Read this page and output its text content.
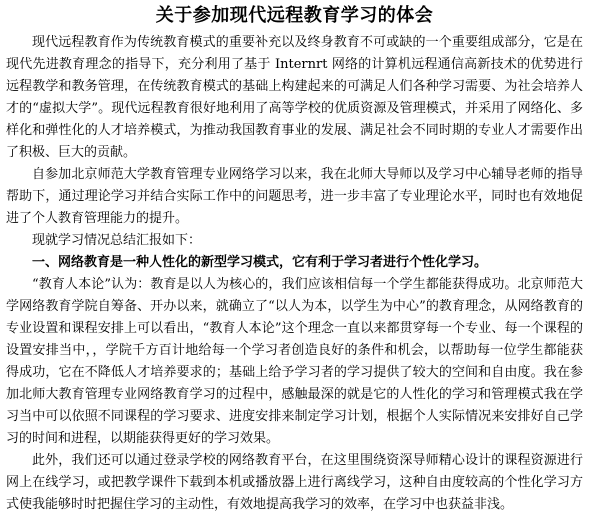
关于参加现代远程教育学习的体会

现代远程教育作为传统教育模式的重要补充以及终身教育不可或缺的一个重要组成部分，它是在现代先进教育理念的指导下，充分利用了基于 Internrt 网络的计算机远程通信高新技术的优势进行远程教学和教务管理，在传统教育模式的基础上构建起来的可满足人们各种学习需要、为社会培养人才的“虚拟大学”。现代远程教育很好地利用了高等学校的优质资源及管理模式，并采用了网络化、多样化和弹性化的人才培养模式，为推动我国教育事业的发展、满足社会不同时期的专业人才需要作出了积极、巨大的贡献。

自参加北京师范大学教育管理专业网络学习以来，我在北师大导师以及学习中心辅导老师的指导帮助下，通过理论学习并结合实际工作中的问题思考，进一步丰富了专业理论水平，同时也有效地促进了个人教育管理能力的提升。

现就学习情况总结汇报如下：

一、网络教育是一种人性化的新型学习模式，它有利于学习者进行个性化学习。

“教育人本论”认为：教育是以人为核心的，我们应该相信每一个学生都能获得成功。北京师范大学网络教育学院自筹备、开办以来，就确立了“以人为本，以学生为中心”的教育理念，从网络教育的专业设置和课程安排上可以看出，“教育人本论”这个理念一直以来都贯穿每一个专业、每一个课程的设置安排当中，，学院千方百计地给每一个学习者创造良好的条件和机会，以帮助每一位学生都能获得成功，它在不降低人才培养要求的；基础上给予学习者的学习提供了较大的空间和自由度。我在参加北师大教育管理专业网络教育学习的过程中，感触最深的就是它的人性化的学习和管理模式我在学习当中可以依照不同课程的学习要求、进度安排来制定学习计划，根据个人实际情况来安排好自己学习的时间和进程，以期能获得更好的学习效果。

此外，我们还可以通过登录学校的网络教育平台，在这里围绕资深导师精心设计的课程资源进行网上在线学习，或把教学课件下载到本机或播放器上进行离线学习，这种自由度较高的个性化学习方式使我能够时时把握住学习的主动性，有效地提高我学习的效率，在学习中也获益非浅。
